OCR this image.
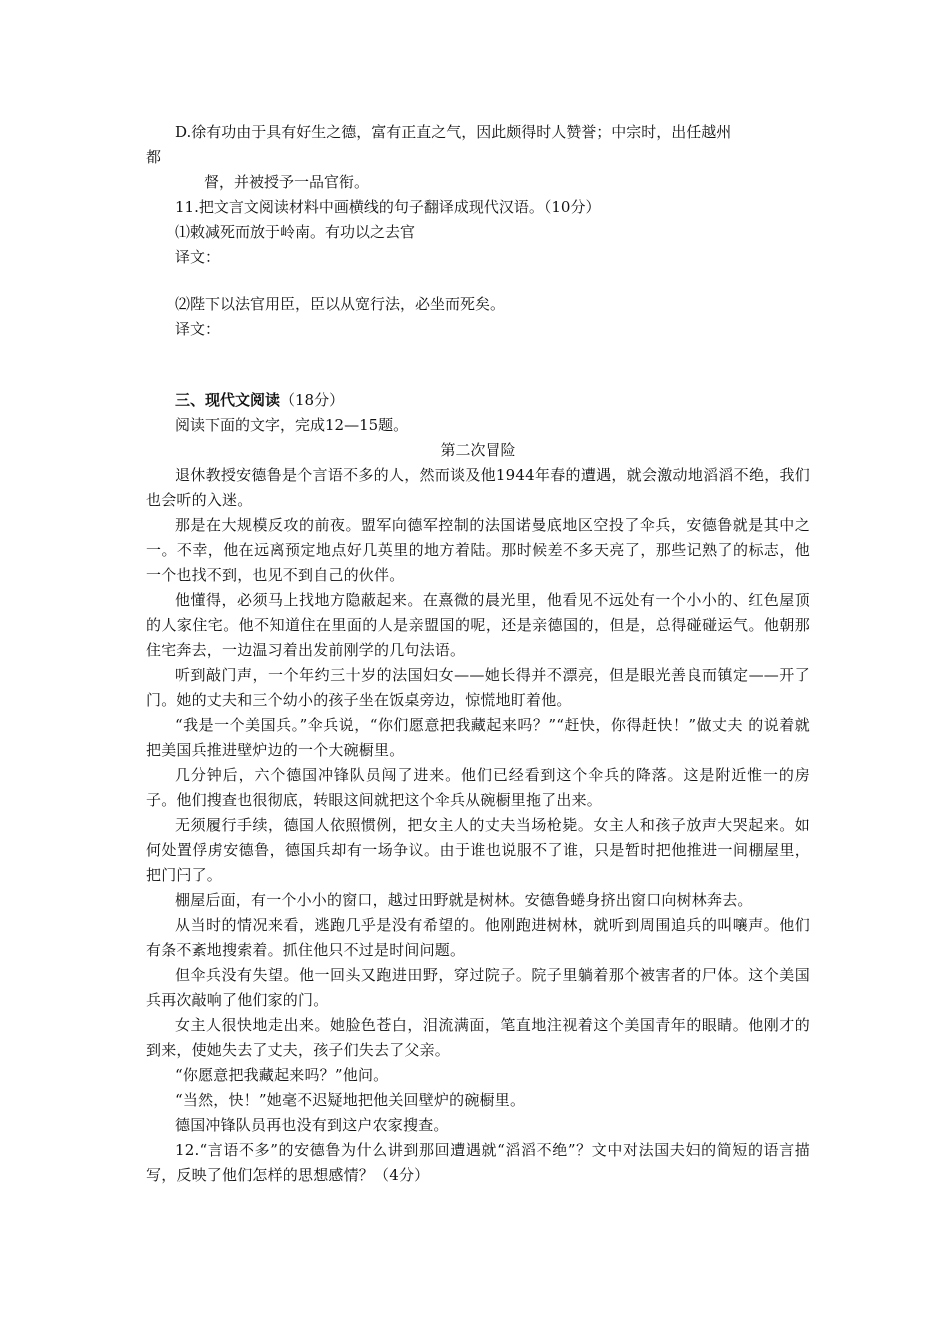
D.徐有功由于具有好生之德，富有正直之气，因此颇得时人赞誉；中宗时，出任越州

都

督，并被授予一品官衔。

11.把文言文阅读材料中画横线的句子翻译成现代汉语。（10分）

⑴敕减死而放于岭南。有功以之去官

译文：

⑵陛下以法官用臣，臣以从宽行法，必坐而死矣。

译文：

三、现代文阅读（18分）

阅读下面的文字，完成12—15题。

第二次冒险

退休教授安德鲁是个言语不多的人，然而谈及他1944年春的遭遇，就会激动地滔滔不绝，我们也会听的入迷。

那是在大规模反攻的前夜。盟军向德军控制的法国诺曼底地区空投了伞兵，安德鲁就是其中之一。不幸，他在远离预定地点好几英里的地方着陆。那时候差不多天亮了，那些记熟了的标志，他一个也找不到，也见不到自己的伙伴。

他懂得，必须马上找地方隐蔽起来。在熹微的晨光里，他看见不远处有一个小小的、红色屋顶的人家住宅。他不知道住在里面的人是亲盟国的呢，还是亲德国的，但是，总得碰碰运气。他朝那住宅奔去，一边温习着出发前刚学的几句法语。

听到敲门声，一个年约三十岁的法国妇女——她长得并不漂亮，但是眼光善良而镇定——开了门。她的丈夫和三个幼小的孩子坐在饭桌旁边，惊慌地盯着他。

“我是一个美国兵。”伞兵说，“你们愿意把我藏起来吗？”“赶快，你得赶快！”做丈夫 的说着就把美国兵推进壁炉边的一个大碗橱里。

几分钟后，六个德国冲锋队员闯了进来。他们已经看到这个伞兵的降落。这是附近惟一的房子。他们搜查也很彻底，转眼这间就把这个伞兵从碗橱里拖了出来。

无须履行手续，德国人依照惯例，把女主人的丈夫当场枪毙。女主人和孩子放声大哭起来。如何处置俘虏安德鲁，德国兵却有一场争议。由于谁也说服不了谁，只是暂时把他推进一间棚屋里，把门闩了。

棚屋后面，有一个小小的窗口，越过田野就是树林。安德鲁蜷身挤出窗口向树林奔去。

从当时的情况来看，逃跑几乎是没有希望的。他刚跑进树林，就听到周围追兵的叫嚷声。他们有条不紊地搜索着。抓住他只不过是时间问题。

但伞兵没有失望。他一回头又跑进田野，穿过院子。院子里躺着那个被害者的尸体。这个美国兵再次敲响了他们家的门。

女主人很快地走出来。她脸色苍白，泪流满面，笔直地注视着这个美国青年的眼睛。他刚才的到来，使她失去了丈夫，孩子们失去了父亲。

“你愿意把我藏起来吗？”他问。

“当然，快！”她毫不迟疑地把他关回壁炉的碗橱里。

德国冲锋队员再也没有到这户农家搜查。

12.“言语不多”的安德鲁为什么讲到那回遭遇就“滔滔不绝”？文中对法国夫妇的简短的语言描写，反映了他们怎样的思想感情？（4分）
